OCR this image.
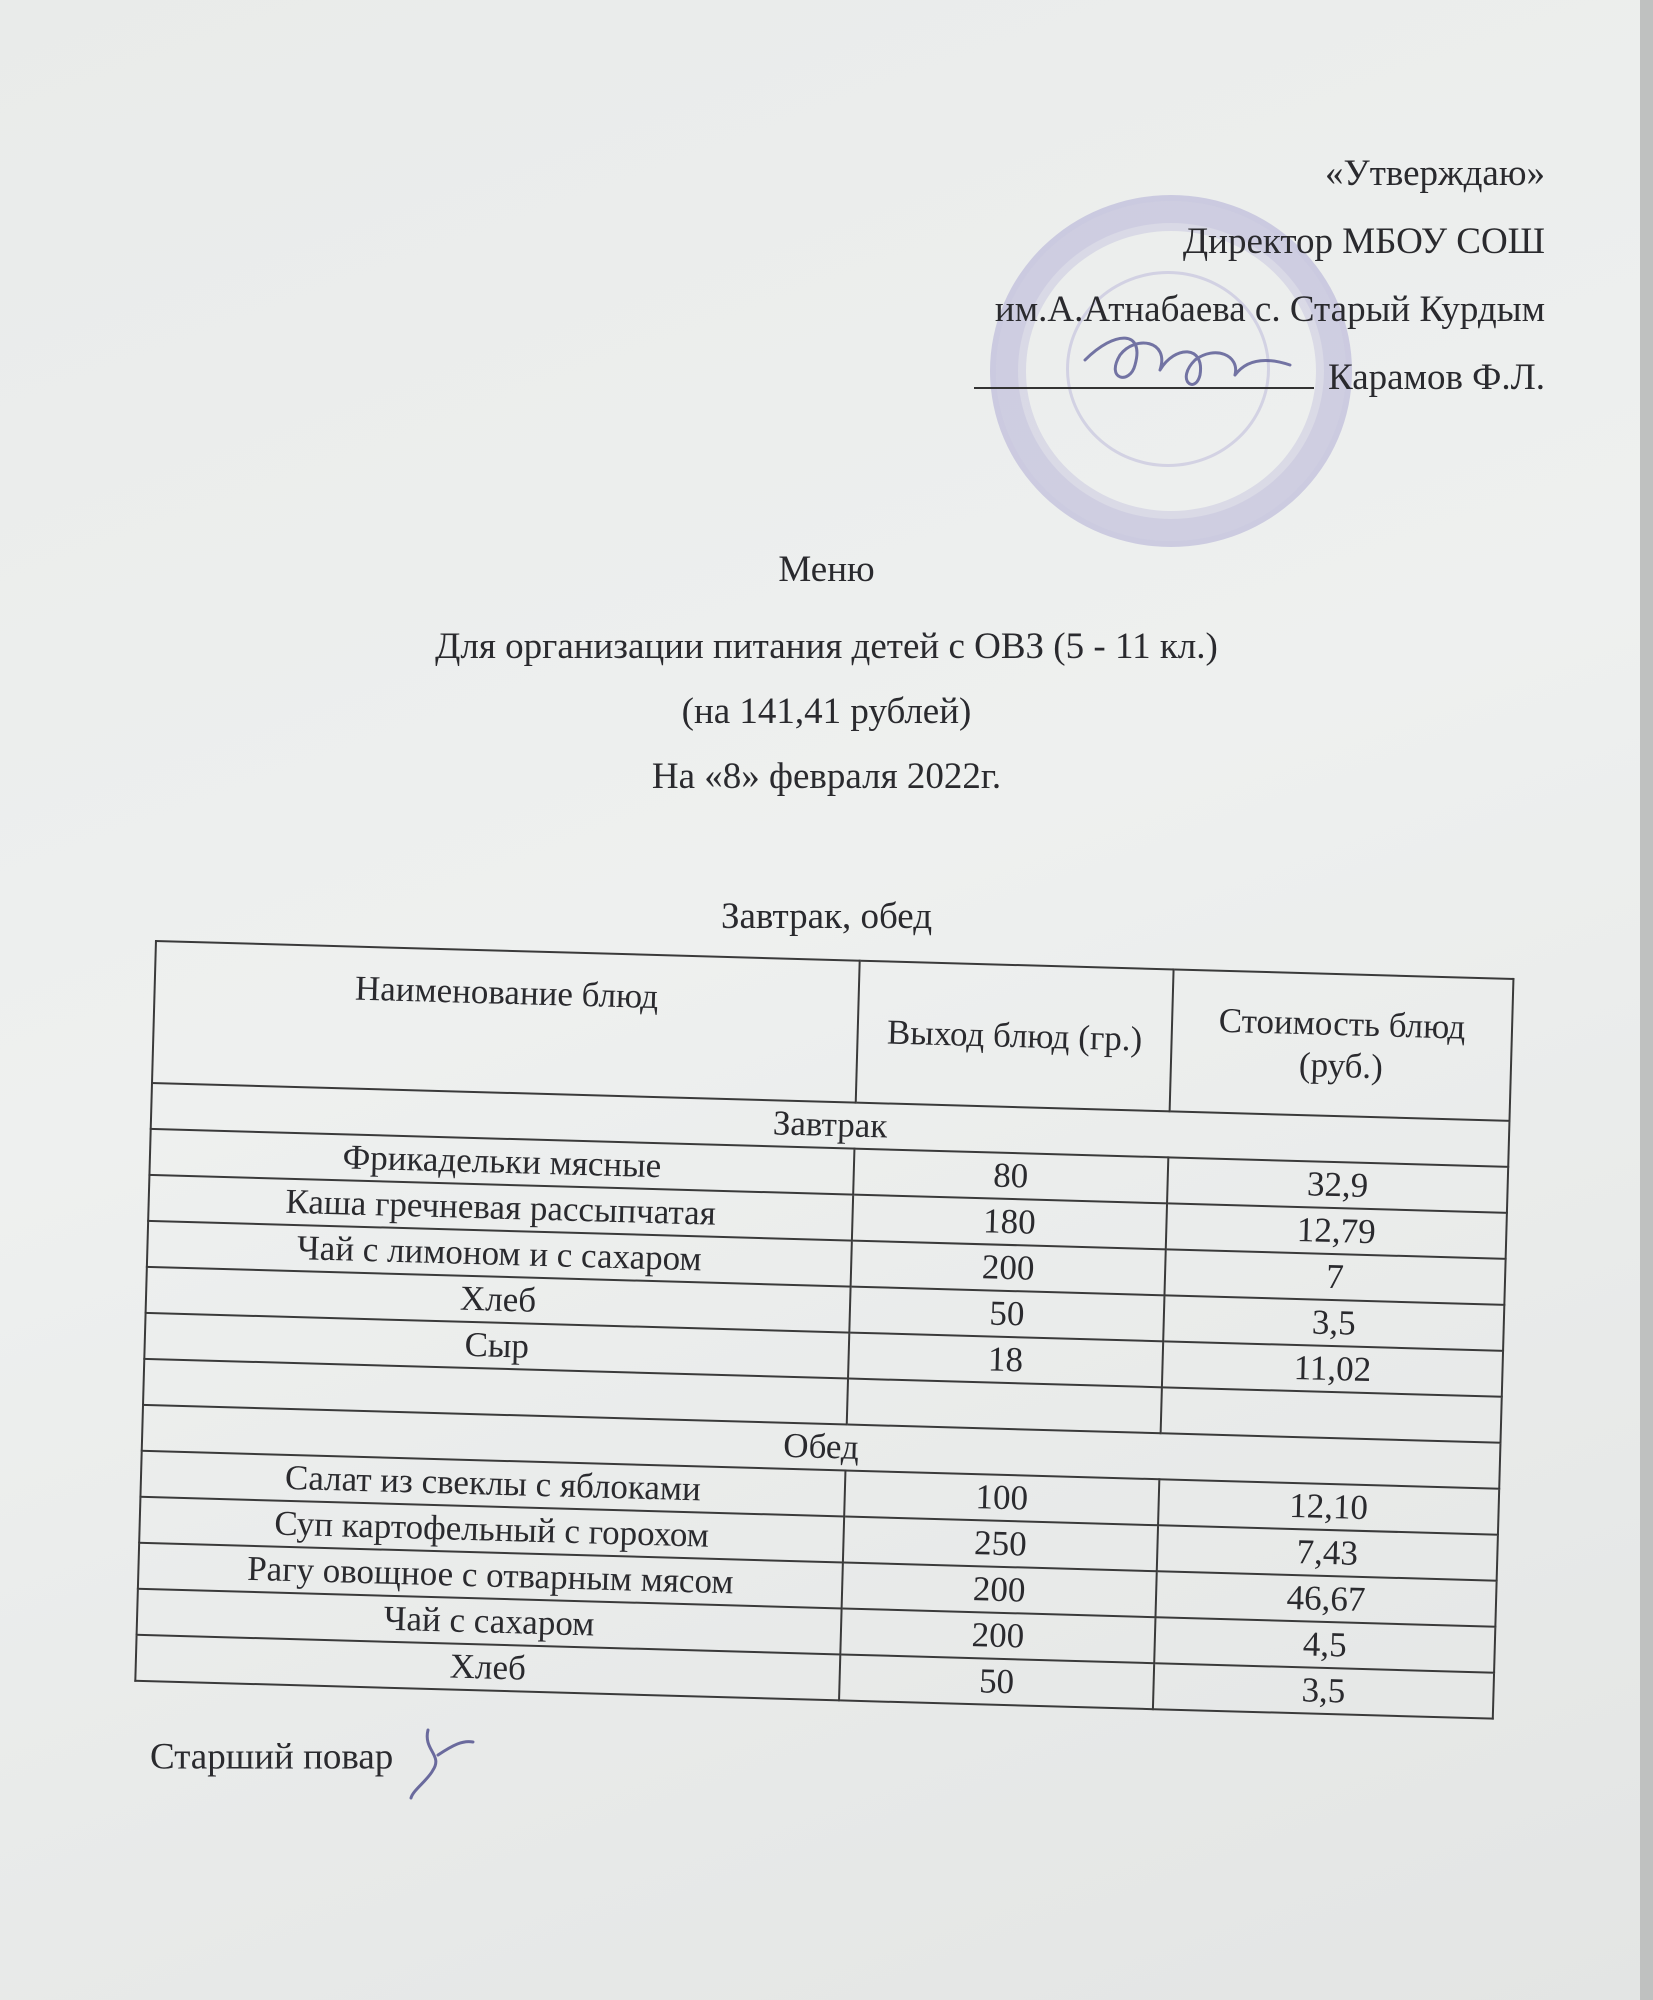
«Утверждаю»
Директор МБОУ СОШ
им.А.Атнабаева с. Старый Курдым
Карамов Ф.Л.
Меню
Для организации питания детей с ОВЗ (5 - 11 кл.)
(на 141,41 рублей)
На «8» февраля 2022г.
Завтрак, обед
Наименование блюд	Выход блюд (гр.)	Стоимость блюд (руб.)
Завтрак		
Фрикадельки мясные	80	32,9
Каша гречневая рассыпчатая	180	12,79
Чай с лимоном и с сахаром	200	7
Хлеб	50	3,5
Сыр	18	11,02

Обед		
Салат из свеклы с яблоками	100	12,10
Суп картофельный с горохом	250	7,43
Рагу овощное с отварным мясом	200	46,67
Чай с сахаром	200	4,5
Хлеб	50	3,5
Старший повар
